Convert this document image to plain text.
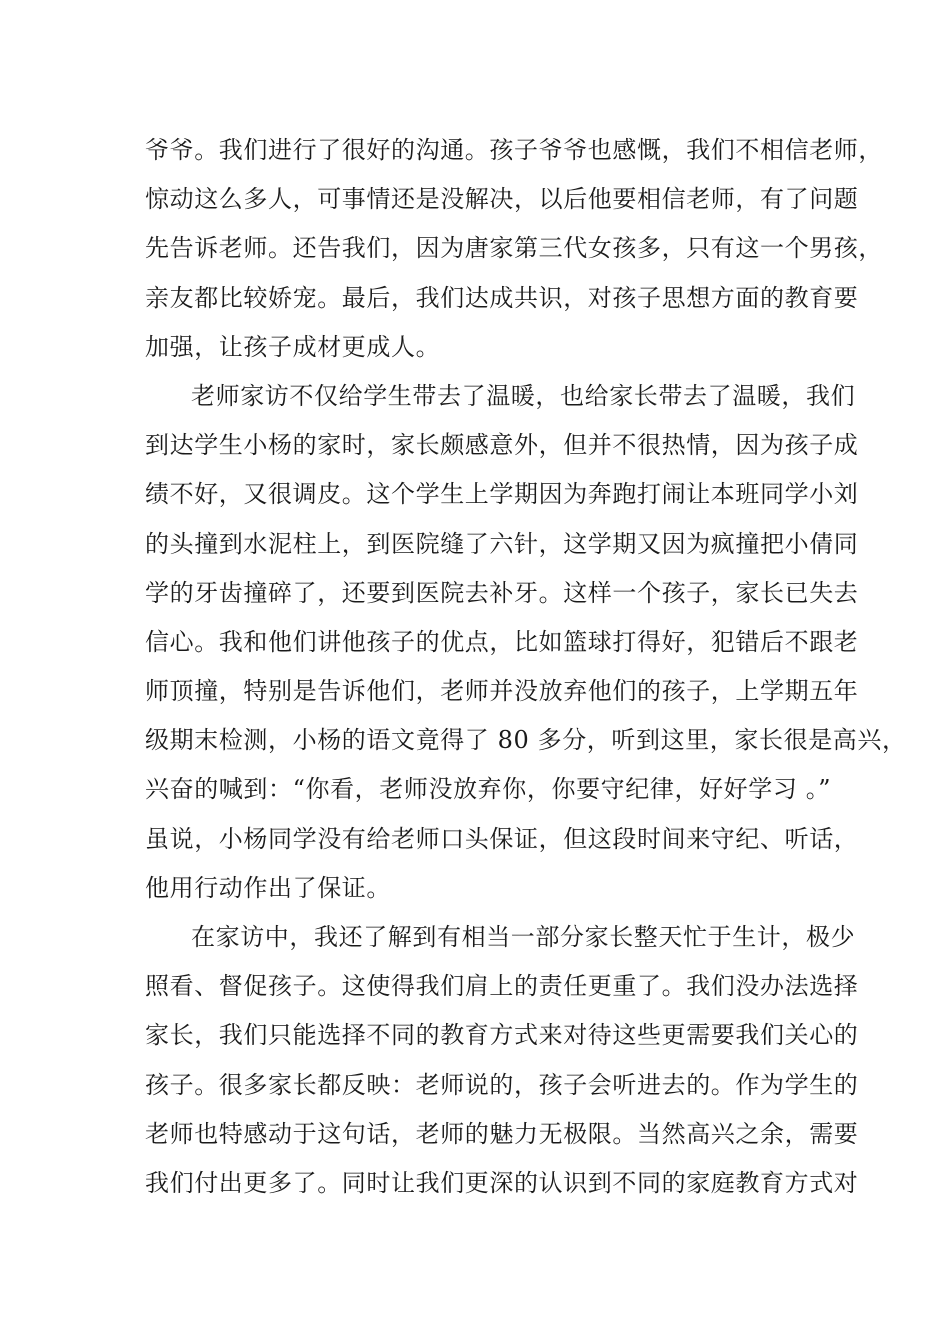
爷爷。我们进行了很好的沟通。孩子爷爷也感慨，我们不相信老师，
惊动这么多人，可事情还是没解决，以后他要相信老师，有了问题
先告诉老师。还告我们，因为唐家第三代女孩多，只有这一个男孩，
亲友都比较娇宠。最后，我们达成共识，对孩子思想方面的教育要
加强，让孩子成材更成人。
老师家访不仅给学生带去了温暖，也给家长带去了温暖，我们
到达学生小杨的家时，家长颇感意外，但并不很热情，因为孩子成
绩不好，又很调皮。这个学生上学期因为奔跑打闹让本班同学小刘
的头撞到水泥柱上，到医院缝了六针，这学期又因为疯撞把小倩同
学的牙齿撞碎了，还要到医院去补牙。这样一个孩子，家长已失去
信心。我和他们讲他孩子的优点，比如篮球打得好，犯错后不跟老
师顶撞，特别是告诉他们，老师并没放弃他们的孩子，上学期五年
级期末检测，小杨的语文竟得了 80 多分，听到这里，家长很是高兴，
兴奋的喊到：“你看，老师没放弃你，你要守纪律，好好学习 。”
虽说，小杨同学没有给老师口头保证，但这段时间来守纪、听话，
他用行动作出了保证。
在家访中，我还了解到有相当一部分家长整天忙于生计，极少
照看、督促孩子。这使得我们肩上的责任更重了。我们没办法选择
家长，我们只能选择不同的教育方式来对待这些更需要我们关心的
孩子。很多家长都反映：老师说的，孩子会听进去的。作为学生的
老师也特感动于这句话，老师的魅力无极限。当然高兴之余，需要
我们付出更多了。同时让我们更深的认识到不同的家庭教育方式对
